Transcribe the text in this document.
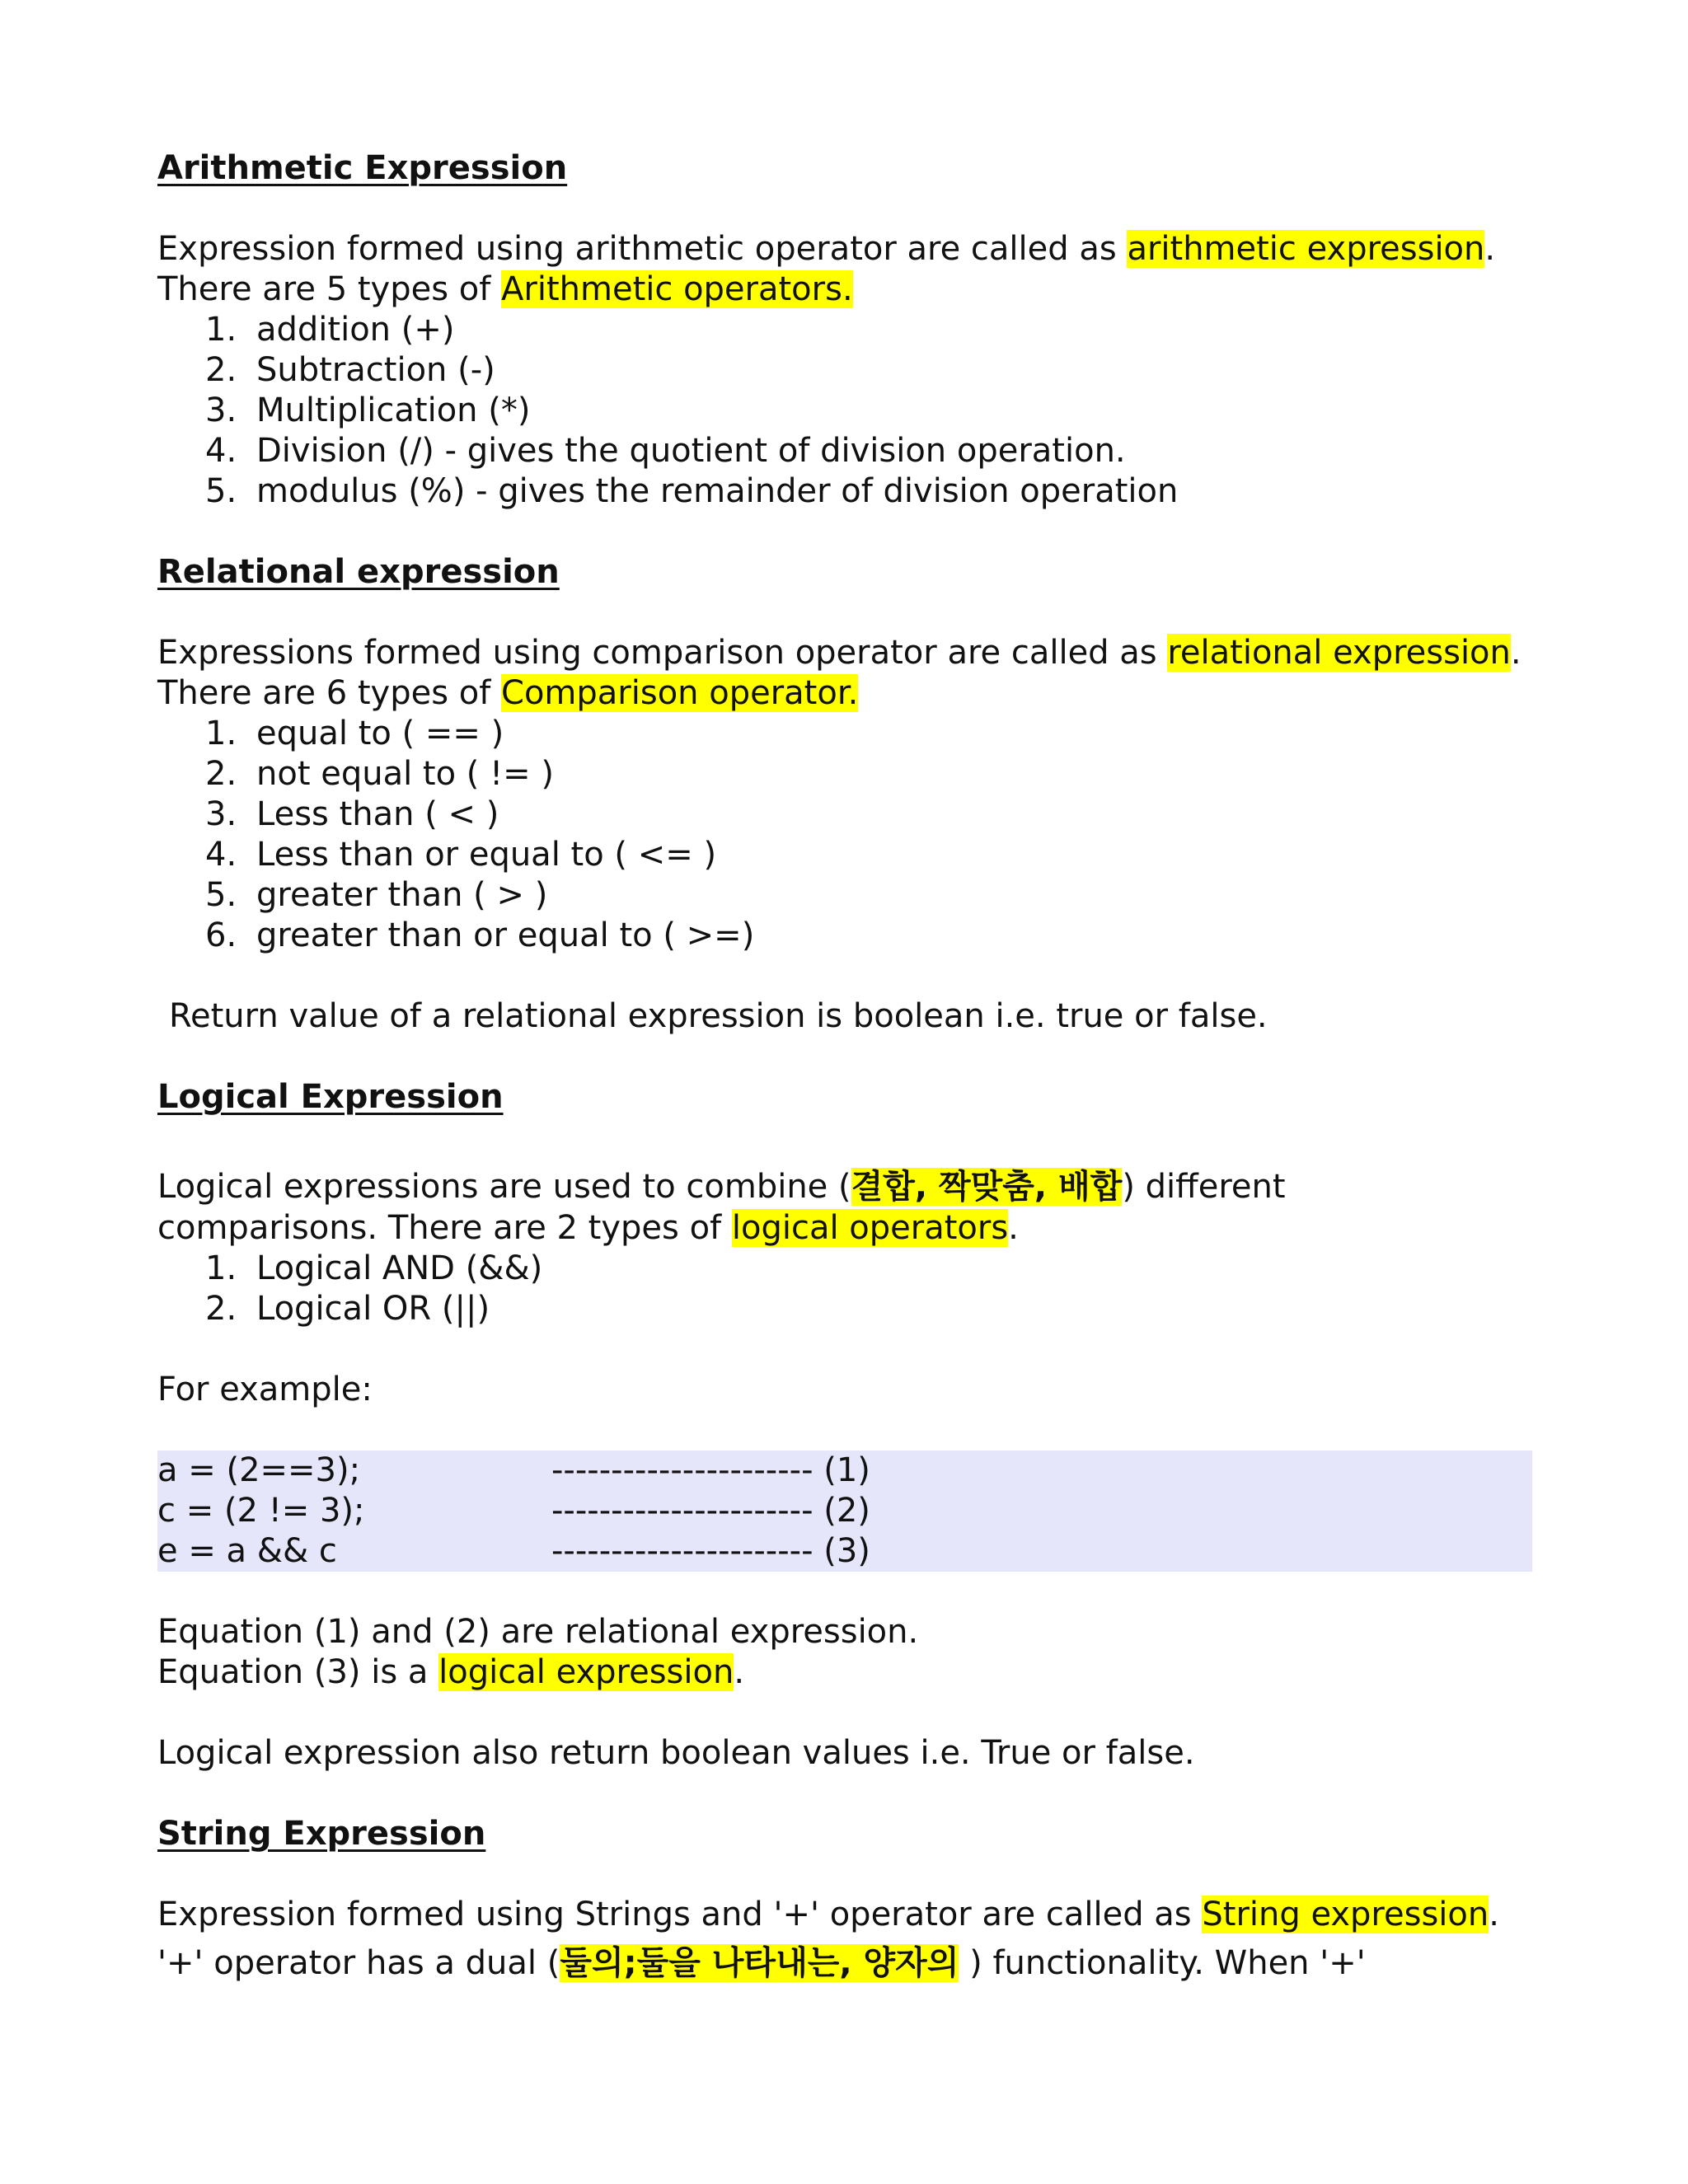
Arithmetic Expression

Expression formed using arithmetic operator are called as arithmetic expression.

There are 5 types of Arithmetic operators.

1. addition (+)
2. Subtraction (-)
3. Multiplication (*)
4. Division (/) - gives the quotient of division operation.
5. modulus (%) - gives the remainder of division operation
Relational expression

Expressions formed using comparison operator are called as relational expression.

There are 6 types of Comparison operator.

1. equal to ( == )
2. not equal to ( != )
3. Less than ( < )
4. Less than or equal to ( <= )
5. greater than ( > )
6. greater than or equal to ( >=)

Return value of a relational expression is boolean i.e. true or false.

Logical Expression

Logical expressions are used to combine (결합, 짝맞춤, 배합) different

comparisons. There are 2 types of logical operators.

1. Logical AND (&&)
2. Logical OR (||)

For example:

a = (2==3);	---------------------- (1)
c = (2 != 3);	---------------------- (2)
e = a && c	---------------------- (3)

Equation (1) and (2) are relational expression.

Equation (3) is a logical expression.

Logical expression also return boolean values i.e. True or false.

String Expression

Expression formed using Strings and '+' operator are called as String expression.

'+' operator has a dual (둘의;둘을 나타내는, 양자의 ) functionality. When '+'
